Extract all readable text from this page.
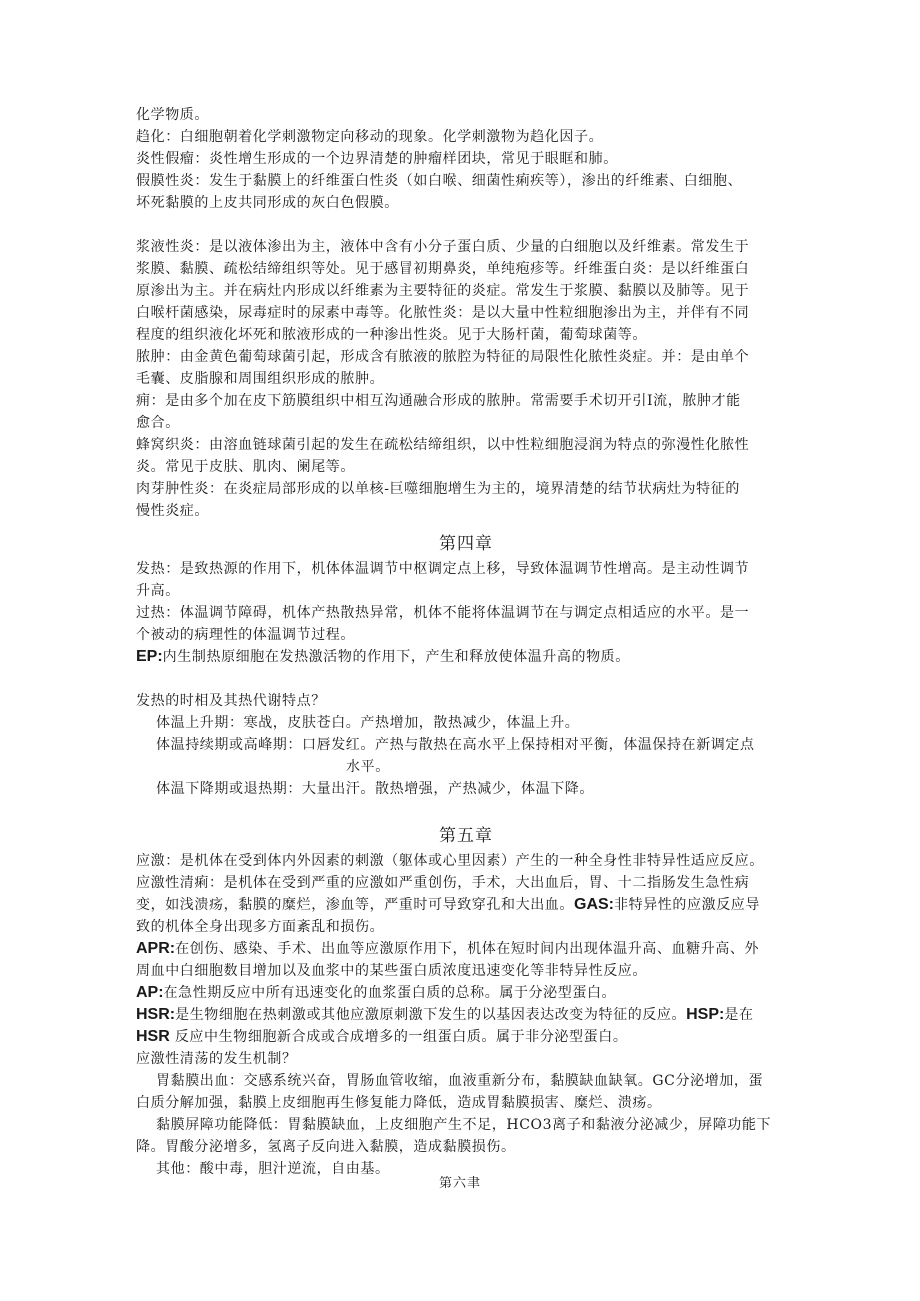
化学物质。

趋化：白细胞朝着化学刺激物定向移动的现象。化学刺激物为趋化因子。

炎性假瘤：炎性增生形成的一个边界清楚的肿瘤样团块，常见于眼眶和肺。

假膜性炎：发生于黏膜上的纤维蛋白性炎（如白喉、细菌性痢疾等），渗出的纤维素、白细胞、

坏死黏膜的上皮共同形成的灰白色假膜。

浆液性炎：是以液体渗出为主，液体中含有小分子蛋白质、少量的白细胞以及纤维素。常发生于

浆膜、黏膜、疏松结缔组织等处。见于感冒初期鼻炎，单纯疱疹等。纤维蛋白炎：是以纤维蛋白

原渗出为主。并在病灶内形成以纤维素为主要特征的炎症。常发生于浆膜、黏膜以及肺等。见于

白喉杆菌感染，尿毒症时的尿素中毒等。化脓性炎：是以大量中性粒细胞渗出为主，并伴有不同

程度的组织液化坏死和脓液形成的一种渗出性炎。见于大肠杆菌，葡萄球菌等。

脓肿：由金黄色葡萄球菌引起，形成含有脓液的脓腔为特征的局限性化脓性炎症。并：是由单个

毛囊、皮脂腺和周围组织形成的脓肿。

痈：是由多个加在皮下筋膜组织中相互沟通融合形成的脓肿。常需要手术切开引Ⅰ流，脓肿才能

愈合。

蜂窝织炎：由溶血链球菌引起的发生在疏松结缔组织，以中性粒细胞浸润为特点的弥漫性化脓性

炎。常见于皮肤、肌肉、阑尾等。

肉芽肿性炎：在炎症局部形成的以单核-巨噬细胞增生为主的，境界清楚的结节状病灶为特征的

慢性炎症。

第四章

发热：是致热源的作用下，机体体温调节中枢调定点上移，导致体温调节性增高。是主动性调节

升高。

过热：体温调节障碍，机体产热散热异常，机体不能将体温调节在与调定点相适应的水平。是一

个被动的病理性的体温调节过程。

EP:内生制热原细胞在发热激活物的作用下，产生和释放使体温升高的物质。

发热的时相及其热代谢特点？

体温上升期：寒战，皮肤苍白。产热增加，散热减少，体温上升。

体温持续期或高峰期：口唇发红。产热与散热在高水平上保持相对平衡，体温保持在新调定点

水平。

体温下降期或退热期：大量出汗。散热增强，产热减少，体温下降。

第五章

应激：是机体在受到体内外因素的刺激（躯体或心里因素）产生的一种全身性非特异性适应反应。

应激性清痢：是机体在受到严重的应激如严重创伤，手术，大出血后，胃、十二指肠发生急性病

变，如浅溃疡，黏膜的糜烂，渗血等，严重时可导致穿孔和大出血。GAS:非特异性的应激反应导

致的机体全身出现多方面紊乱和损伤。

APR:在创伤、感染、手术、出血等应激原作用下，机体在短时间内出现体温升高、血糖升高、外

周血中白细胞数目增加以及血浆中的某些蛋白质浓度迅速变化等非特异性反应。

AP:在急性期反应中所有迅速变化的血浆蛋白质的总称。属于分泌型蛋白。

HSR:是生物细胞在热刺激或其他应激原刺激下发生的以基因表达改变为特征的反应。HSP:是在

HSR 反应中生物细胞新合成或合成增多的一组蛋白质。属于非分泌型蛋白。

应激性清荡的发生机制？

胃黏膜出血：交感系统兴奋，胃肠血管收缩，血液重新分布，黏膜缺血缺氧。GC分泌增加，蛋

白质分解加强，黏膜上皮细胞再生修复能力降低，造成胃黏膜损害、糜烂、溃疡。

黏膜屏障功能降低：胃黏膜缺血，上皮细胞产生不足，HCO3离子和黏液分泌减少，屏障功能下

降。胃酸分泌增多，氢离子反向进入黏膜，造成黏膜损伤。

其他：酸中毒，胆汁逆流，自由基。

第六聿
